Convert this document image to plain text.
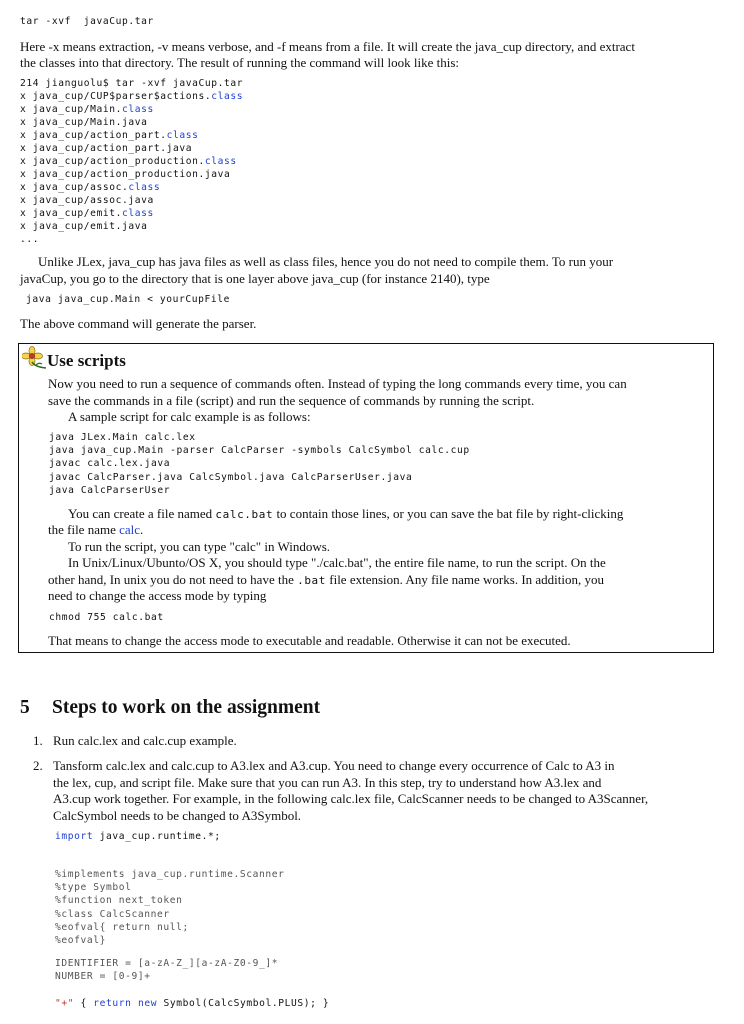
tar -xvf  javaCup.tar
Here -x means extraction, -v means verbose, and -f means from a file. It will create the java_cup directory, and extract
the classes into that directory. The result of running the command will look like this:
214 jianguolu$ tar -xvf javaCup.tar
x java_cup/CUP$parser$actions.class
x java_cup/Main.class
x java_cup/Main.java
x java_cup/action_part.class
x java_cup/action_part.java
x java_cup/action_production.class
x java_cup/action_production.java
x java_cup/assoc.class
x java_cup/assoc.java
x java_cup/emit.class
x java_cup/emit.java
...
Unlike JLex, java_cup has java files as well as class files, hence you do not need to compile them. To run your
javaCup, you go to the directory that is one layer above java_cup (for instance 2140), type
java java_cup.Main < yourCupFile
The above command will generate the parser.
Use scripts
Now you need to run a sequence of commands often. Instead of typing the long commands every time, you can
save the commands in a file (script) and run the sequence of commands by running the script.
A sample script for calc example is as follows:
java JLex.Main calc.lex
java java_cup.Main -parser CalcParser -symbols CalcSymbol calc.cup
javac calc.lex.java
javac CalcParser.java CalcSymbol.java CalcParserUser.java
java CalcParserUser
You can create a file named calc.bat to contain those lines, or you can save the bat file by right-clicking
the file name calc.
To run the script, you can type "calc" in Windows.
In Unix/Linux/Ubunto/OS X, you should type "./calc.bat", the entire file name, to run the script. On the
other hand, In unix you do not need to have the .bat file extension. Any file name works. In addition, you
need to change the access mode by typing
chmod 755 calc.bat
That means to change the access mode to executable and readable. Otherwise it can not be executed.
5 Steps to work on the assignment
1. Run calc.lex and calc.cup example.
2. Tansform calc.lex and calc.cup to A3.lex and A3.cup. You need to change every occurrence of Calc to A3 in
the lex, cup, and script file. Make sure that you can run A3. In this step, try to understand how A3.lex and
A3.cup work together. For example, in the following calc.lex file, CalcScanner needs to be changed to A3Scanner,
CalcSymbol needs to be changed to A3Symbol.
import java_cup.runtime.*;
%implements java_cup.runtime.Scanner
%type Symbol
%function next_token
%class CalcScanner
%eofval{ return null;
%eofval}
IDENTIFIER = [a-zA-Z_][a-zA-Z0-9_]*
NUMBER = [0-9]+
"+" { return new Symbol(CalcSymbol.PLUS); }
